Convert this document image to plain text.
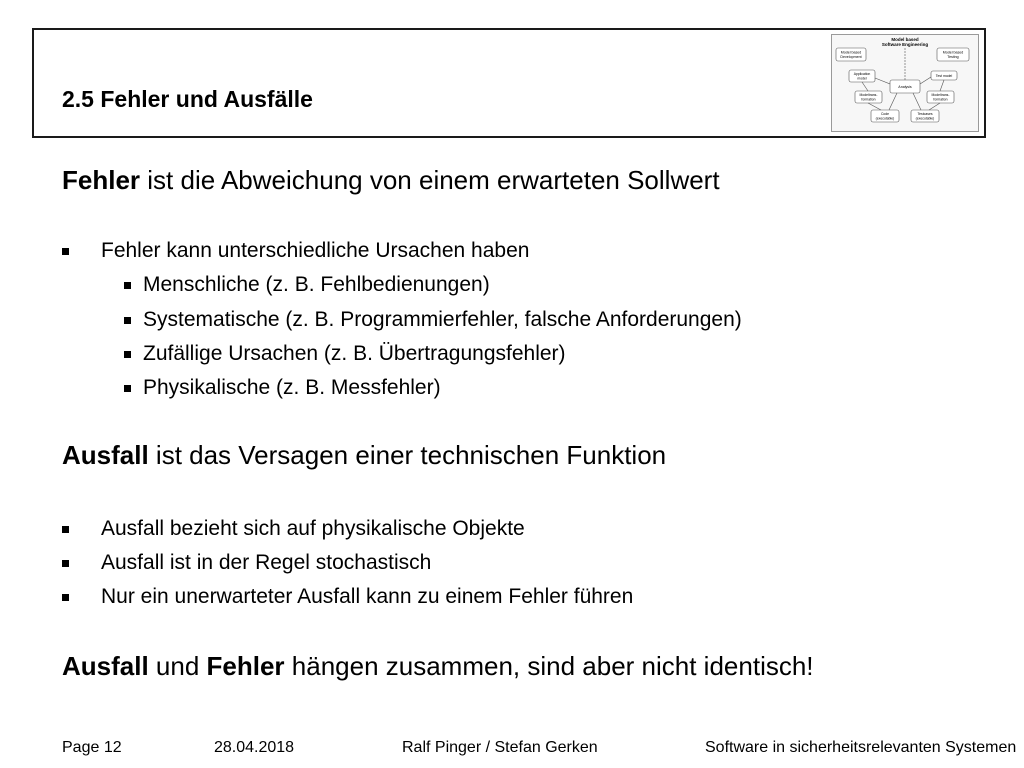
2.5 Fehler und Ausfälle
Model based
Software Engineering
Model based
Development
Model based
Testing
Application
model
Test model
Analysis
Modeltrans-
formation
Modeltrans-
formation
Code
(executable)
Testcases
(executable)
Fehler ist die Abweichung von einem erwarteten Sollwert
Fehler kann unterschiedliche Ursachen haben
Menschliche (z. B. Fehlbedienungen)
Systematische (z. B. Programmierfehler, falsche Anforderungen)
Zufällige Ursachen (z. B. Übertragungsfehler)
Physikalische (z. B. Messfehler)
Ausfall ist das Versagen einer technischen Funktion
Ausfall bezieht sich auf physikalische Objekte
Ausfall ist in der Regel stochastisch
Nur ein unerwarteter Ausfall kann zu einem Fehler führen
Ausfall und Fehler hängen zusammen, sind aber nicht identisch!
Page 12	28.04.2018	Ralf Pinger / Stefan Gerken	Software in sicherheitsrelevanten Systemen
